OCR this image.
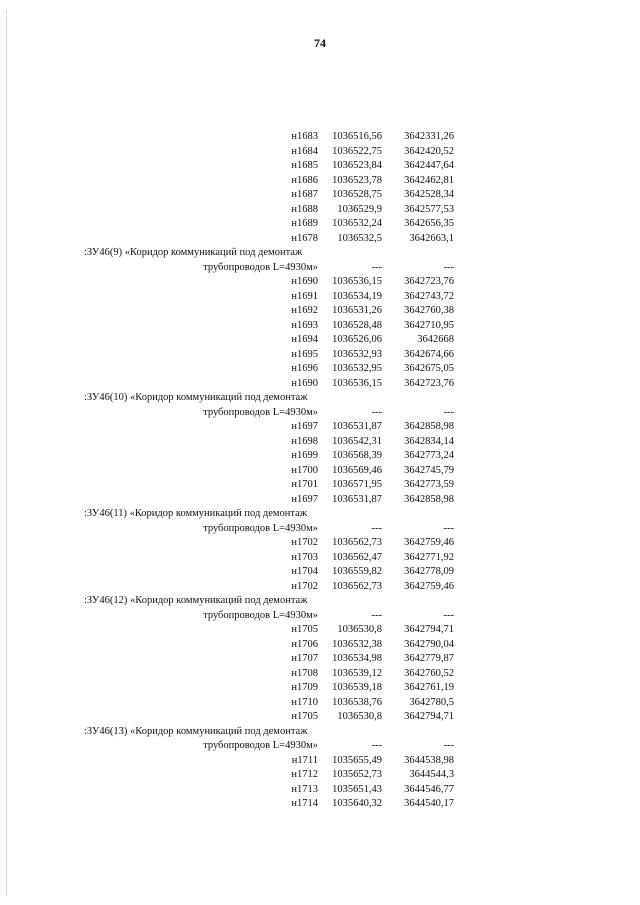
74
н1683	1036516,56	3642331,26
н1684	1036522,75	3642420,52
н1685	1036523,84	3642447,64
н1686	1036523,78	3642462,81
н1687	1036528,75	3642528,34
н1688	1036529,9	3642577,53
н1689	1036532,24	3642656,35
н1678	1036532,5	3642663,1
:ЗУ46(9) «Коридор коммуникаций под демонтаж
трубопроводов L=4930м»	---	---
н1690	1036536,15	3642723,76
н1691	1036534,19	3642743,72
н1692	1036531,26	3642760,38
н1693	1036528,48	3642710,95
н1694	1036526,06	3642668
н1695	1036532,93	3642674,66
н1696	1036532,95	3642675,05
н1690	1036536,15	3642723,76
:ЗУ46(10) «Коридор коммуникаций под демонтаж
трубопроводов L=4930м»	---	---
н1697	1036531,87	3642858,98
н1698	1036542,31	3642834,14
н1699	1036568,39	3642773,24
н1700	1036569,46	3642745,79
н1701	1036571,95	3642773,59
н1697	1036531,87	3642858,98
:ЗУ46(11) «Коридор коммуникаций под демонтаж
трубопроводов L=4930м»	---	---
н1702	1036562,73	3642759,46
н1703	1036562,47	3642771,92
н1704	1036559,82	3642778,09
н1702	1036562,73	3642759,46
:ЗУ46(12) «Коридор коммуникаций под демонтаж
трубопроводов L=4930м»	---	---
н1705	1036530,8	3642794,71
н1706	1036532,38	3642790,04
н1707	1036534,98	3642779,87
н1708	1036539,12	3642760,52
н1709	1036539,18	3642761,19
н1710	1036538,76	3642780,5
н1705	1036530,8	3642794,71
:ЗУ46(13) «Коридор коммуникаций под демонтаж
трубопроводов L=4930м»	---	---
н1711	1035655,49	3644538,98
н1712	1035652,73	3644544,3
н1713	1035651,43	3644546,77
н1714	1035640,32	3644540,17
